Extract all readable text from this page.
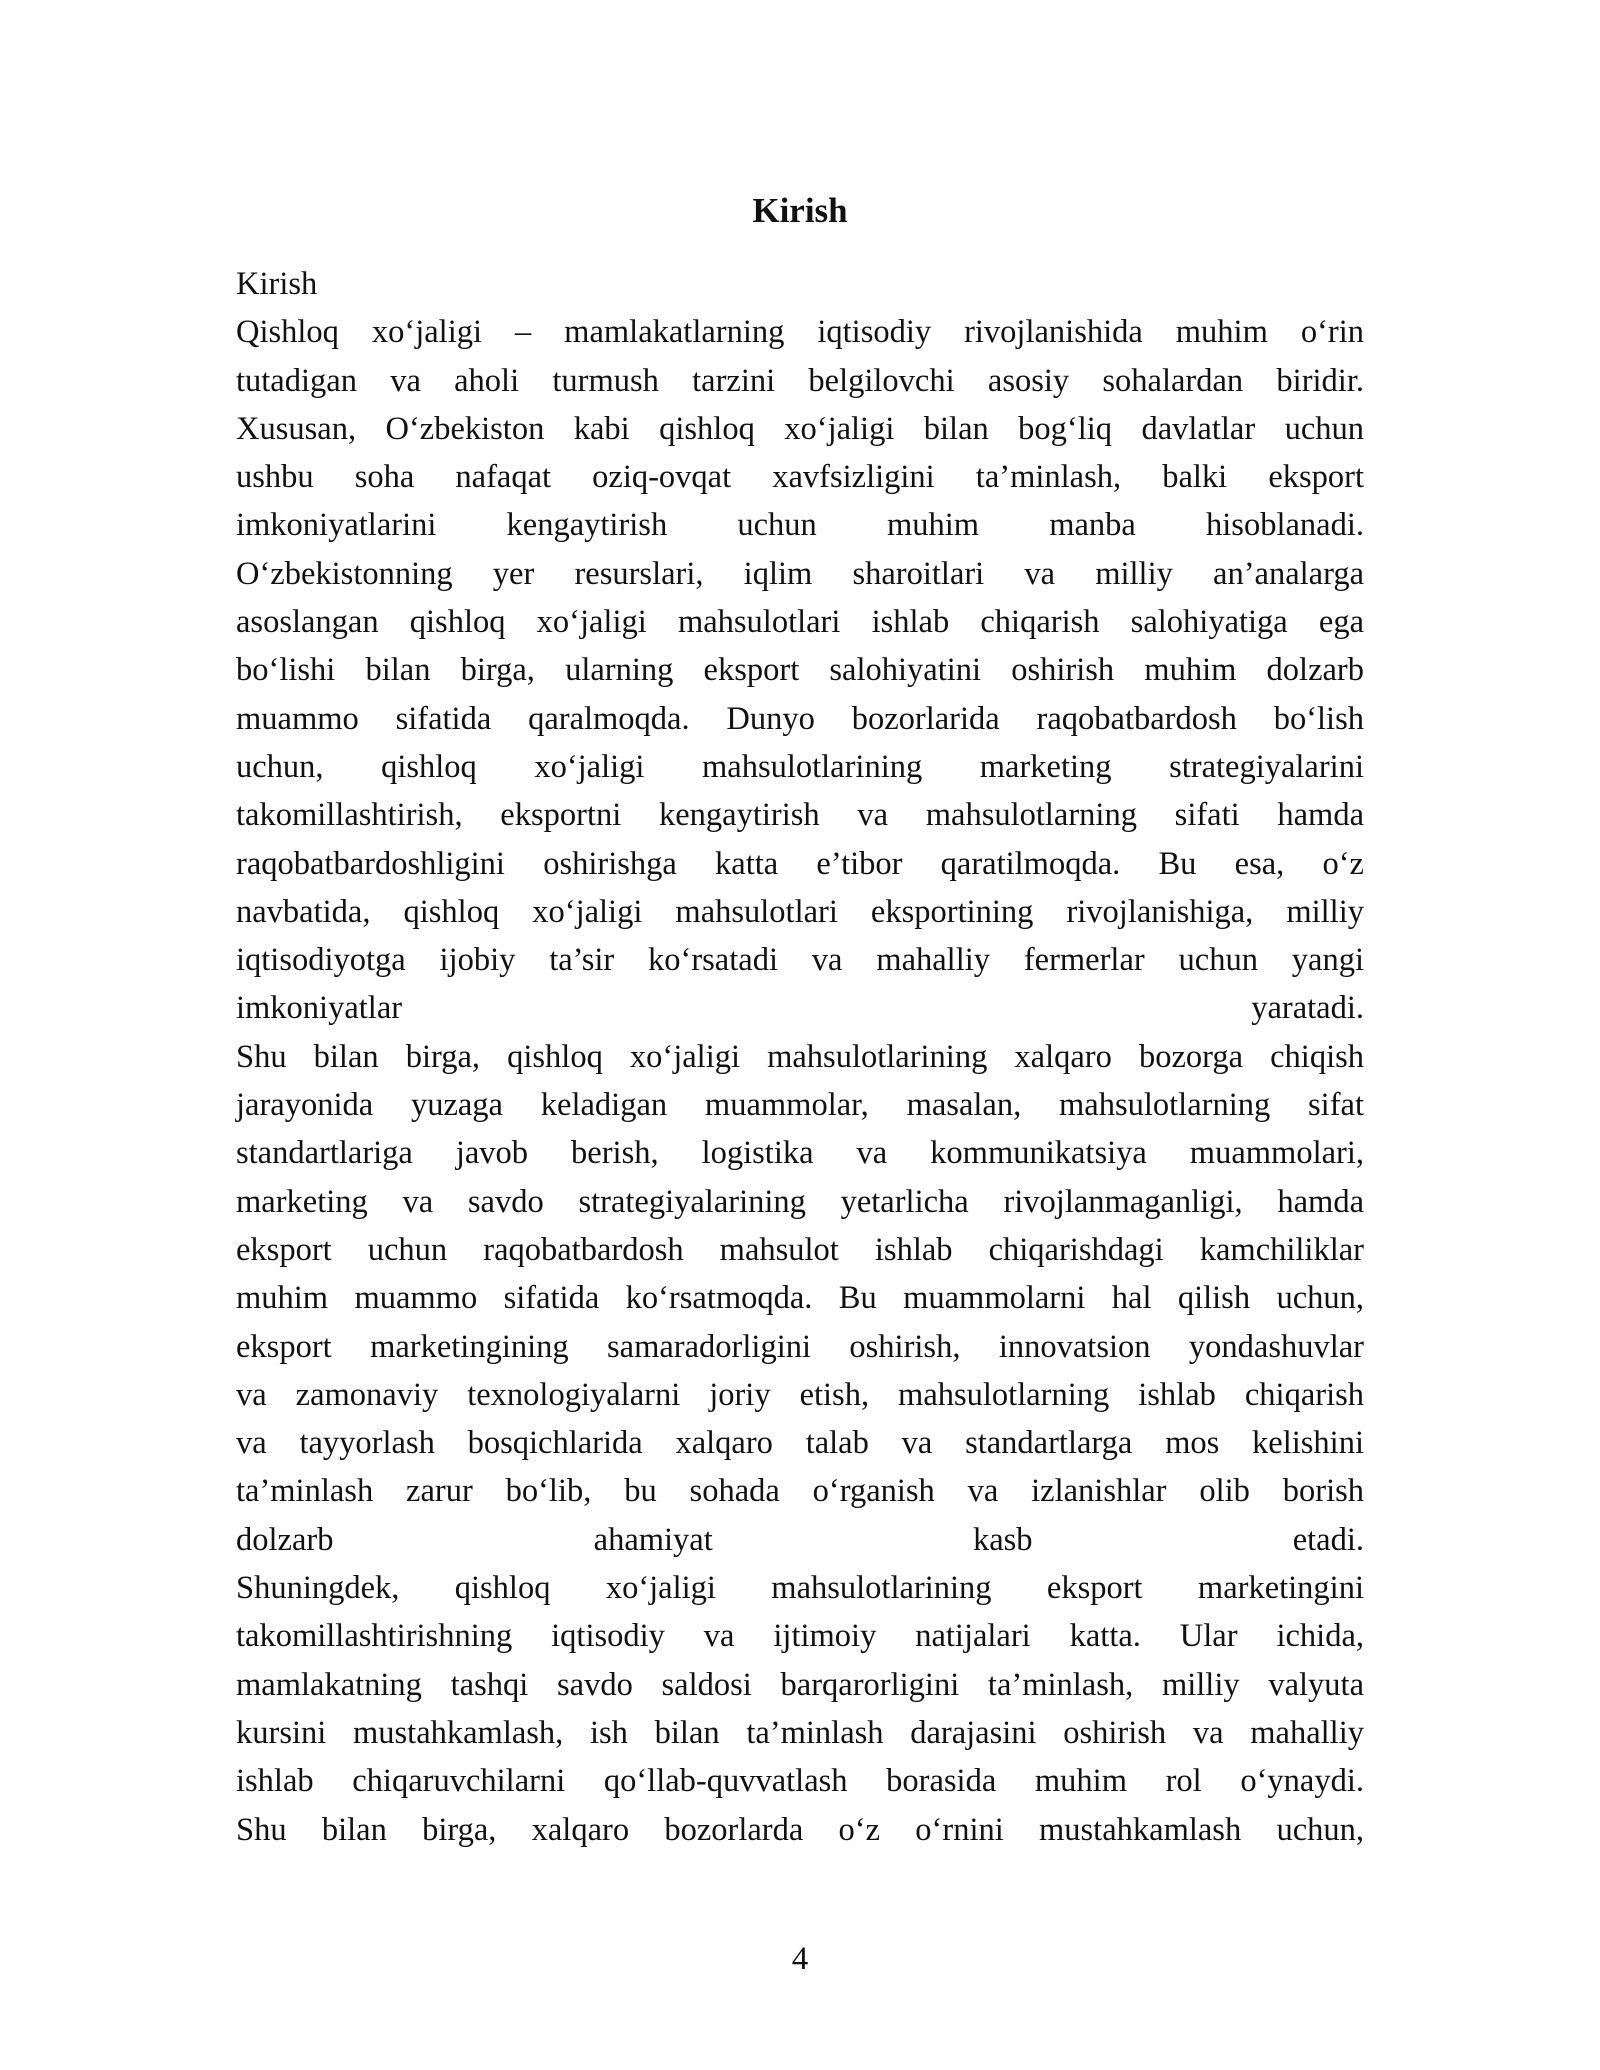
Kirish
Kirish
Qishloq xo‘jaligi – mamlakatlarning iqtisodiy rivojlanishida muhim o‘rin
tutadigan va aholi turmush tarzini belgilovchi asosiy sohalardan biridir.
Xususan, O‘zbekiston kabi qishloq xo‘jaligi bilan bog‘liq davlatlar uchun
ushbu soha nafaqat oziq-ovqat xavfsizligini ta’minlash, balki eksport
imkoniyatlarini kengaytirish uchun muhim manba hisoblanadi.
O‘zbekistonning yer resurslari, iqlim sharoitlari va milliy an’analarga
asoslangan qishloq xo‘jaligi mahsulotlari ishlab chiqarish salohiyatiga ega
bo‘lishi bilan birga, ularning eksport salohiyatini oshirish muhim dolzarb
muammo sifatida qaralmoqda. Dunyo bozorlarida raqobatbardosh bo‘lish
uchun, qishloq xo‘jaligi mahsulotlarining marketing strategiyalarini
takomillashtirish, eksportni kengaytirish va mahsulotlarning sifati hamda
raqobatbardoshligini oshirishga katta e’tibor qaratilmoqda. Bu esa, o‘z
navbatida, qishloq xo‘jaligi mahsulotlari eksportining rivojlanishiga, milliy
iqtisodiyotga ijobiy ta’sir ko‘rsatadi va mahalliy fermerlar uchun yangi
imkoniyatlar yaratadi.
Shu bilan birga, qishloq xo‘jaligi mahsulotlarining xalqaro bozorga chiqish
jarayonida yuzaga keladigan muammolar, masalan, mahsulotlarning sifat
standartlariga javob berish, logistika va kommunikatsiya muammolari,
marketing va savdo strategiyalarining yetarlicha rivojlanmaganligi, hamda
eksport uchun raqobatbardosh mahsulot ishlab chiqarishdagi kamchiliklar
muhim muammo sifatida ko‘rsatmoqda. Bu muammolarni hal qilish uchun,
eksport marketingining samaradorligini oshirish, innovatsion yondashuvlar
va zamonaviy texnologiyalarni joriy etish, mahsulotlarning ishlab chiqarish
va tayyorlash bosqichlarida xalqaro talab va standartlarga mos kelishini
ta’minlash zarur bo‘lib, bu sohada o‘rganish va izlanishlar olib borish
dolzarb ahamiyat kasb etadi.
Shuningdek, qishloq xo‘jaligi mahsulotlarining eksport marketingini
takomillashtirishning iqtisodiy va ijtimoiy natijalari katta. Ular ichida,
mamlakatning tashqi savdo saldosi barqarorligini ta’minlash, milliy valyuta
kursini mustahkamlash, ish bilan ta’minlash darajasini oshirish va mahalliy
ishlab chiqaruvchilarni qo‘llab-quvvatlash borasida muhim rol o‘ynaydi.
Shu bilan birga, xalqaro bozorlarda o‘z o‘rnini mustahkamlash uchun,
4
